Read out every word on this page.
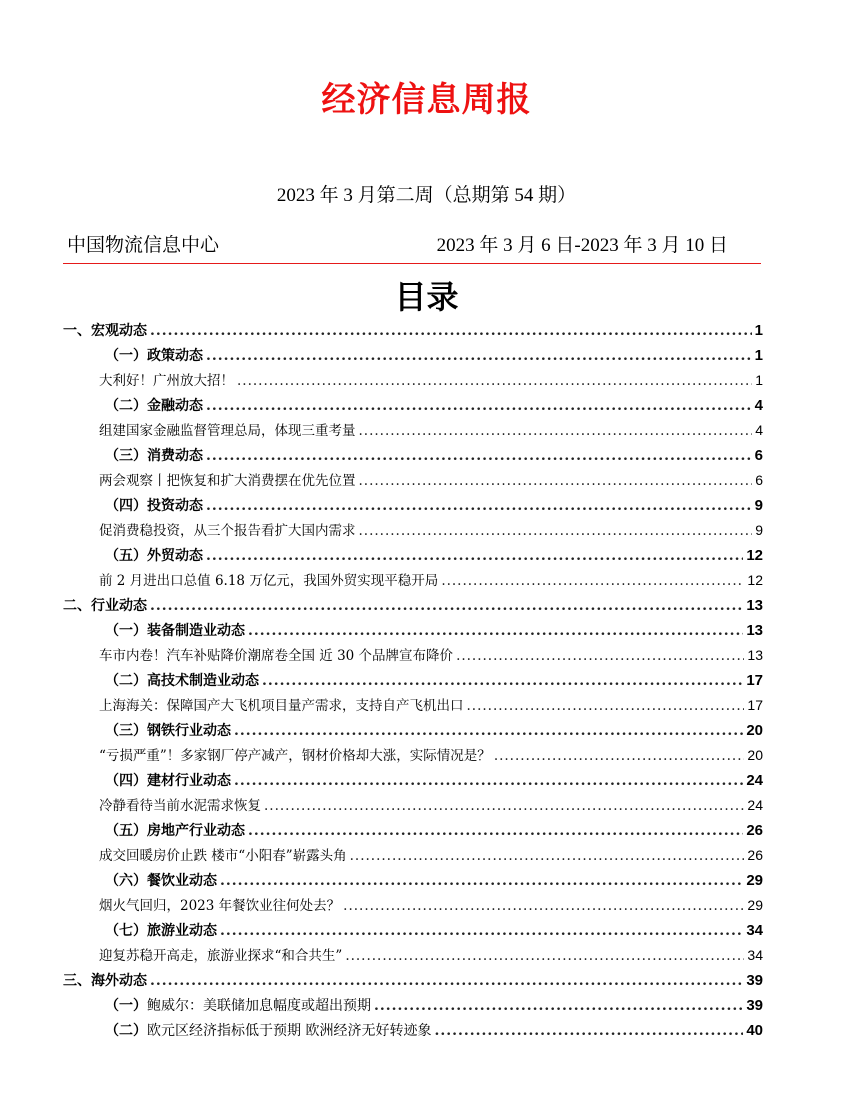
经济信息周报
2023 年 3 月第二周（总期第 54 期）
中国物流信息中心	2023 年 3 月 6 日-2023 年 3 月 10 日
目录
一、宏观动态 .....	1
（一）政策动态 .....	1
大利好！广州放大招！ .....	1
（二）金融动态 .....	4
组建国家金融监督管理总局，体现三重考量 .....	4
（三）消费动态 .....	6
两会观察丨把恢复和扩大消费摆在优先位置 .....	6
（四）投资动态 .....	9
促消费稳投资，从三个报告看扩大国内需求 .....	9
（五）外贸动态 .....	12
前 2 月进出口总值 6.18 万亿元，我国外贸实现平稳开局 .....	12
二、行业动态 .....	13
（一）装备制造业动态 .....	13
车市内卷！汽车补贴降价潮席卷全国 近 30 个品牌宣布降价 .....	13
（二）高技术制造业动态 .....	17
上海海关：保障国产大飞机项目量产需求，支持自产飞机出口 .....	17
（三）钢铁行业动态 .....	20
“亏损严重”！多家钢厂停产减产，钢材价格却大涨，实际情况是？ .....	20
（四）建材行业动态 .....	24
冷静看待当前水泥需求恢复 .....	24
（五）房地产行业动态 .....	26
成交回暖房价止跌 楼市“小阳春”崭露头角 .....	26
（六）餐饮业动态 .....	29
烟火气回归，2023 年餐饮业往何处去？ .....	29
（七）旅游业动态 .....	34
迎复苏稳开高走，旅游业探求“和合共生” .....	34
三、海外动态 .....	39
（一） 鲍威尔：美联储加息幅度或超出预期 .....	39
（二） 欧元区经济指标低于预期 欧洲经济无好转迹象 .....	40
